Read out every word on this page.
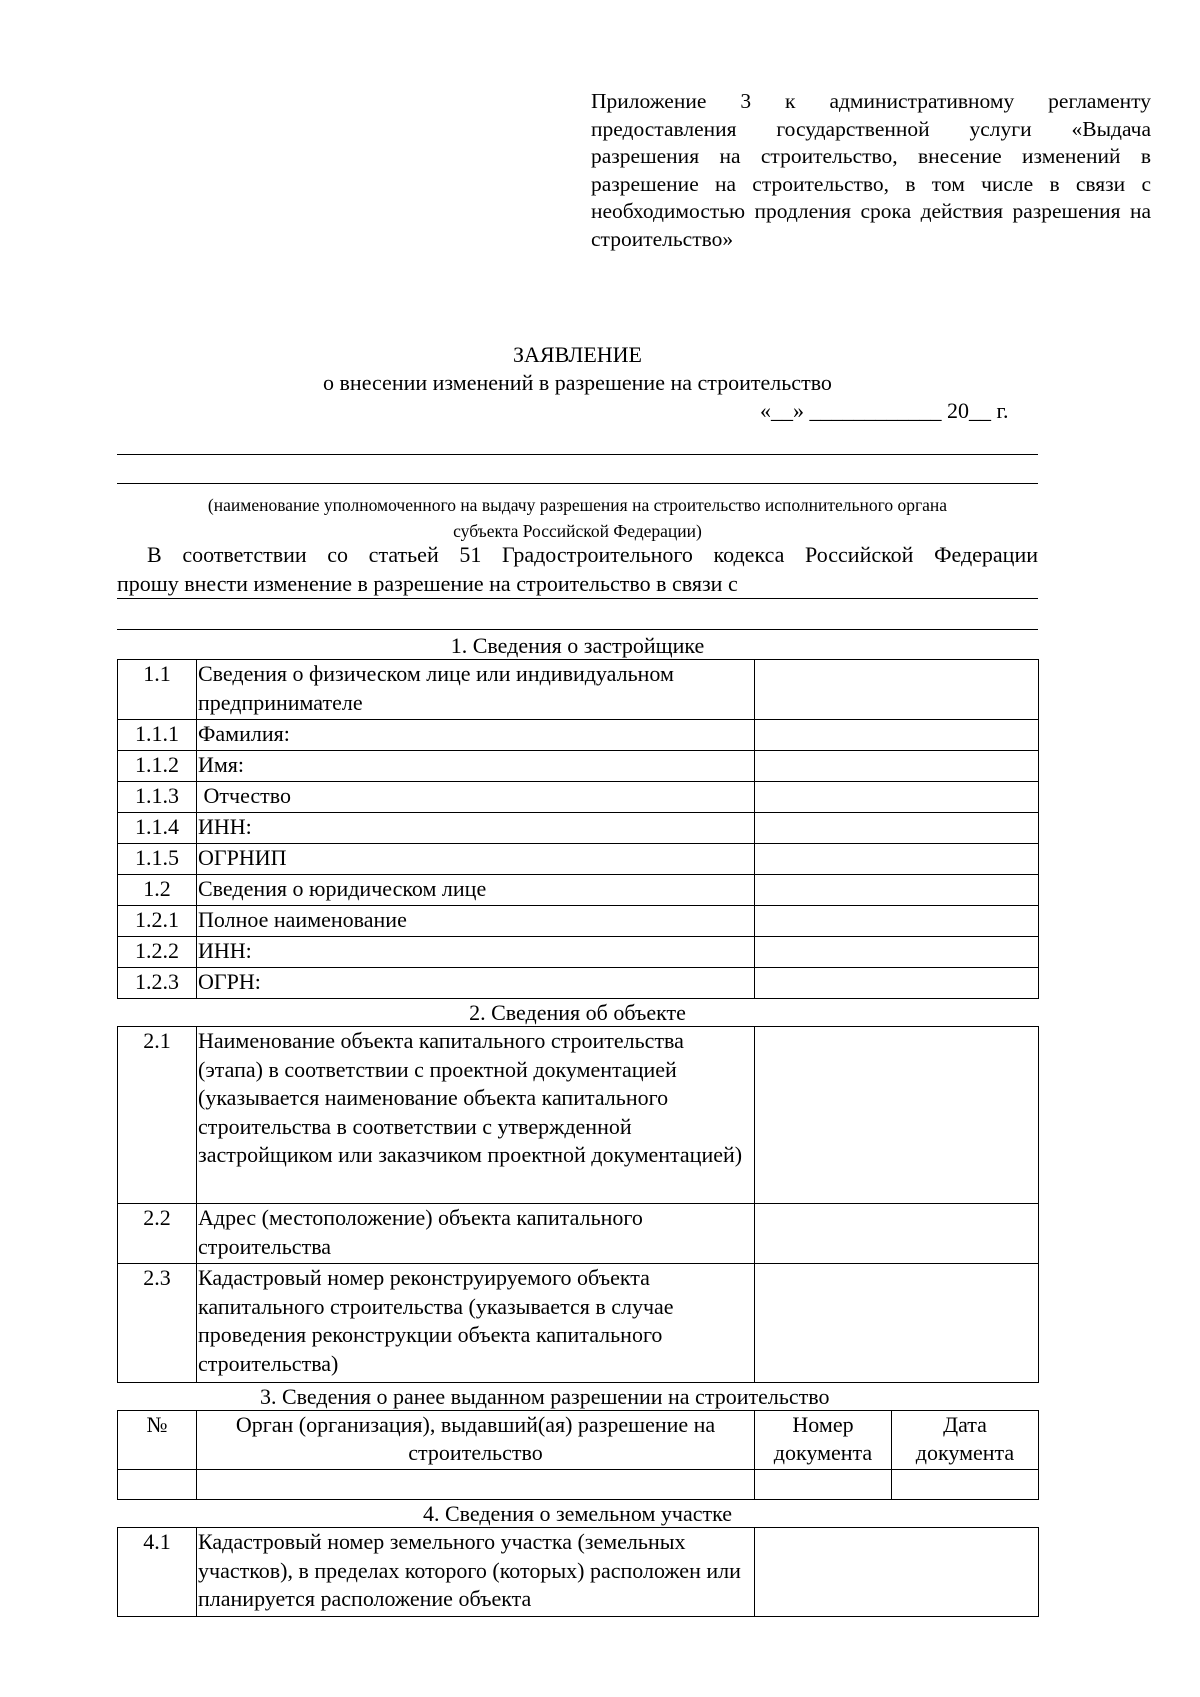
Приложение 3 к административному регламенту предоставления государственной услуги «Выдача разрешения на строительство, внесение изменений в разрешение на строительство, в том числе в связи с необходимостью продления срока действия разрешения на строительство»
ЗАЯВЛЕНИЕ
о внесении изменений в разрешение на строительство
«__» ____________ 20__ г.
(наименование уполномоченного на выдачу разрешения на строительство исполнительного органа
субъекта Российской Федерации)
В соответствии со статьей 51 Градостроительного кодекса Российской Федерации
прошу внести изменение в разрешение на строительство в связи с
1. Сведения о застройщике
1.1	Сведения о физическом лице или индивидуальном предпринимателе	
1.1.1	Фамилия:	
1.1.2	Имя:	
1.1.3	Отчество	
1.1.4	ИНН:	
1.1.5	ОГРНИП	
1.2	Сведения о юридическом лице	
1.2.1	Полное наименование	
1.2.2	ИНН:	
1.2.3	ОГРН:	
2. Сведения об объекте
2.1	Наименование объекта капитального строительства (этапа) в соответствии с проектной документацией (указывается наименование объекта капитального строительства в соответствии с утвержденной застройщиком или заказчиком проектной документацией)	
2.2	Адрес (местоположение) объекта капитального строительства	
2.3	Кадастровый номер реконструируемого объекта капитального строительства (указывается в случае проведения реконструкции объекта капитального строительства)	
3. Сведения о ранее выданном разрешении на строительство
№	Орган (организация), выдавший(ая) разрешение на строительство	Номер документа	Дата документа

4. Сведения о земельном участке
4.1	Кадастровый номер земельного участка (земельных участков), в пределах которого (которых) расположен или планируется расположение объекта	
